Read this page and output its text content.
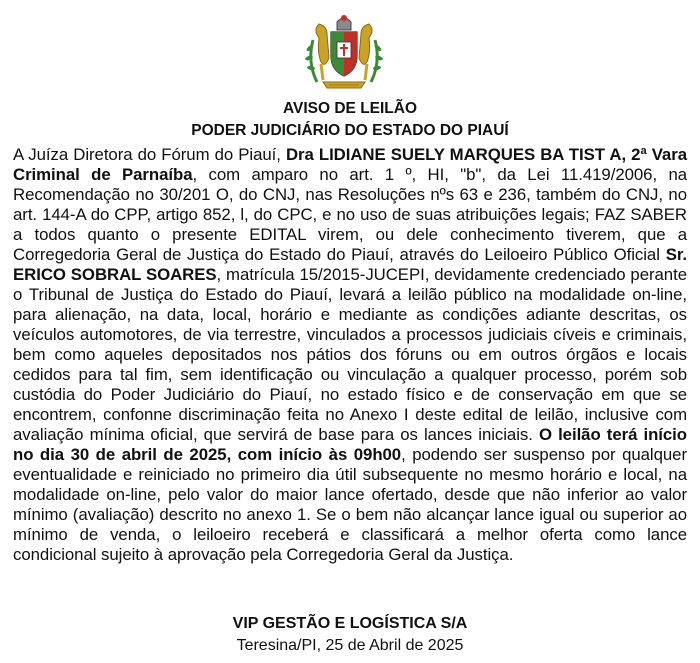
AVISO DE LEILÃO
PODER JUDICIÁRIO DO ESTADO DO PIAUÍ
A Juíza Diretora do Fórum do Piauí, Dra LIDIANE SUELY MARQUES BA TIST A, 2ª Vara Criminal de Parnaíba, com amparo no art. 1 º, HI, "b", da Lei 11.419/2006, na Recomendação no 30/201 O, do CNJ, nas Resoluções nºs 63 e 236, também do CNJ, no art. 144-A do CPP, artigo 852, l, do CPC, e no uso de suas atribuições legais; FAZ SABER a todos quanto o presente EDITAL virem, ou dele conhecimento tiverem, que a Corregedoria Geral de Justiça do Estado do Piauí, através do Leiloeiro Público Oficial Sr. ERICO SOBRAL SOARES, matrícula 15/2015-JUCEPI, devidamente credenciado perante o Tribunal de Justiça do Estado do Piauí, levará a leilão público na modalidade on-line, para alienação, na data, local, horário e mediante as condições adiante descritas, os veículos automotores, de via terrestre, vinculados a processos judiciais cíveis e criminais, bem como aqueles depositados nos pátios dos fóruns ou em outros órgãos e locais cedidos para tal fim, sem identificação ou vinculação a qualquer processo, porém sob custódia do Poder Judiciário do Piauí, no estado físico e de conservação em que se encontrem, confonne discriminação feita no Anexo I deste edital de leilão, inclusive com avaliação mínima oficial, que servirá de base para os lances iniciais. O leilão terá início no dia 30 de abril de 2025, com início às 09h00, podendo ser suspenso por qualquer eventualidade e reiniciado no primeiro dia útil subsequente no mesmo horário e local, na modalidade on-line, pelo valor do maior lance ofertado, desde que não inferior ao valor mínimo (avaliação) descrito no anexo 1. Se o bem não alcançar lance igual ou superior ao mínimo de venda, o leiloeiro receberá e classificará a melhor oferta como lance condicional sujeito à aprovação pela Corregedoria Geral da Justiça.
VIP GESTÃO E LOGÍSTICA S/A
Teresina/PI, 25 de Abril de 2025
